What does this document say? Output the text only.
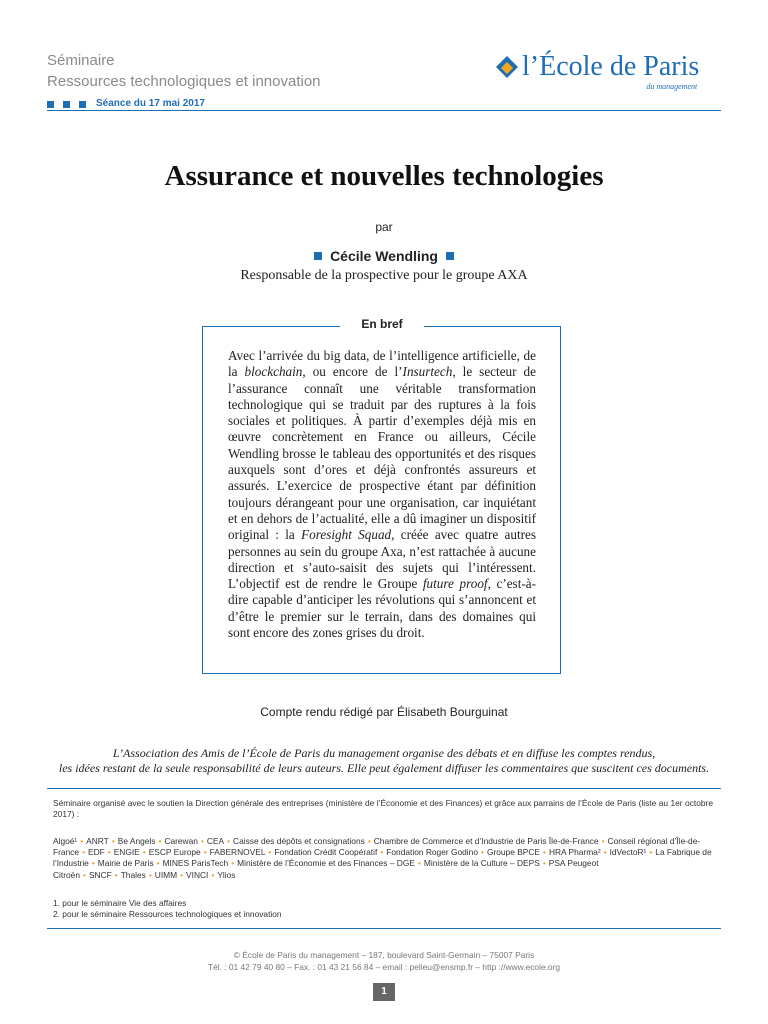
Séminaire
Ressources technologiques et innovation
Séance du 17 mai 2017
l’École de Paris
du management
Assurance et nouvelles technologies
par
Cécile Wendling
Responsable de la prospective pour le groupe AXA
En bref
Avec l’arrivée du big data, de l’intelligence artificielle, de la blockchain, ou encore de l’Insurtech, le secteur de l’assurance connaît une véritable transformation technologique qui se traduit par des ruptures à la fois sociales et politiques. À partir d’exemples déjà mis en œuvre concrètement en France ou ailleurs, Cécile Wendling brosse le tableau des opportunités et des risques auxquels sont d’ores et déjà confrontés assureurs et assurés. L’exercice de prospective étant par définition toujours dérangeant pour une organisation, car inquiétant et en dehors de l’actualité, elle a dû imaginer un dispositif original : la Foresight Squad, créée avec quatre autres personnes au sein du groupe Axa, n’est rattachée à aucune direction et s’auto-saisit des sujets qui l’intéressent. L’objectif est de rendre le Groupe future proof, c’est-à-dire capable d’anticiper les révolutions qui s’annoncent et d’être le premier sur le terrain, dans des domaines qui sont encore des zones grises du droit.
Compte rendu rédigé par Élisabeth Bourguinat
L’Association des Amis de l’École de Paris du management organise des débats et en diffuse les comptes rendus,
les idées restant de la seule responsabilité de leurs auteurs. Elle peut également diffuser les commentaires que suscitent ces documents.
Séminaire organisé avec le soutien la Direction générale des entreprises (ministère de l’Économie et des Finances) et grâce aux parrains de l’École de Paris (liste au 1er octobre 2017) :
Algoé¹ • ANRT • Be Angels • Carewan • CEA • Caisse des dépôts et consignations • Chambre de Commerce et d’Industrie de Paris Île-de-France • Conseil régional d’Île-de-France • EDF • ENGIE • ESCP Europe • FABERNOVEL • Fondation Crédit Coopératif • Fondation Roger Godino • Groupe BPCE • HRA Pharma² • IdVectoR¹ • La Fabrique de l’Industrie • Mairie de Paris • MINES ParisTech • Ministère de l’Économie et des Finances – DGE • Ministère de la Culture – DEPS • PSA Peugeot Citroën • SNCF • Thales • UIMM • VINCI • Ylios
1. pour le séminaire Vie des affaires
2. pour le séminaire Ressources technologiques et innovation
© École de Paris du management – 187, boulevard Saint-Germain – 75007 Paris
Tél. : 01 42 79 40 80 – Fax. : 01 43 21 56 84 – email : pelieu@ensmp.fr – http ://www.ecole.org
1
